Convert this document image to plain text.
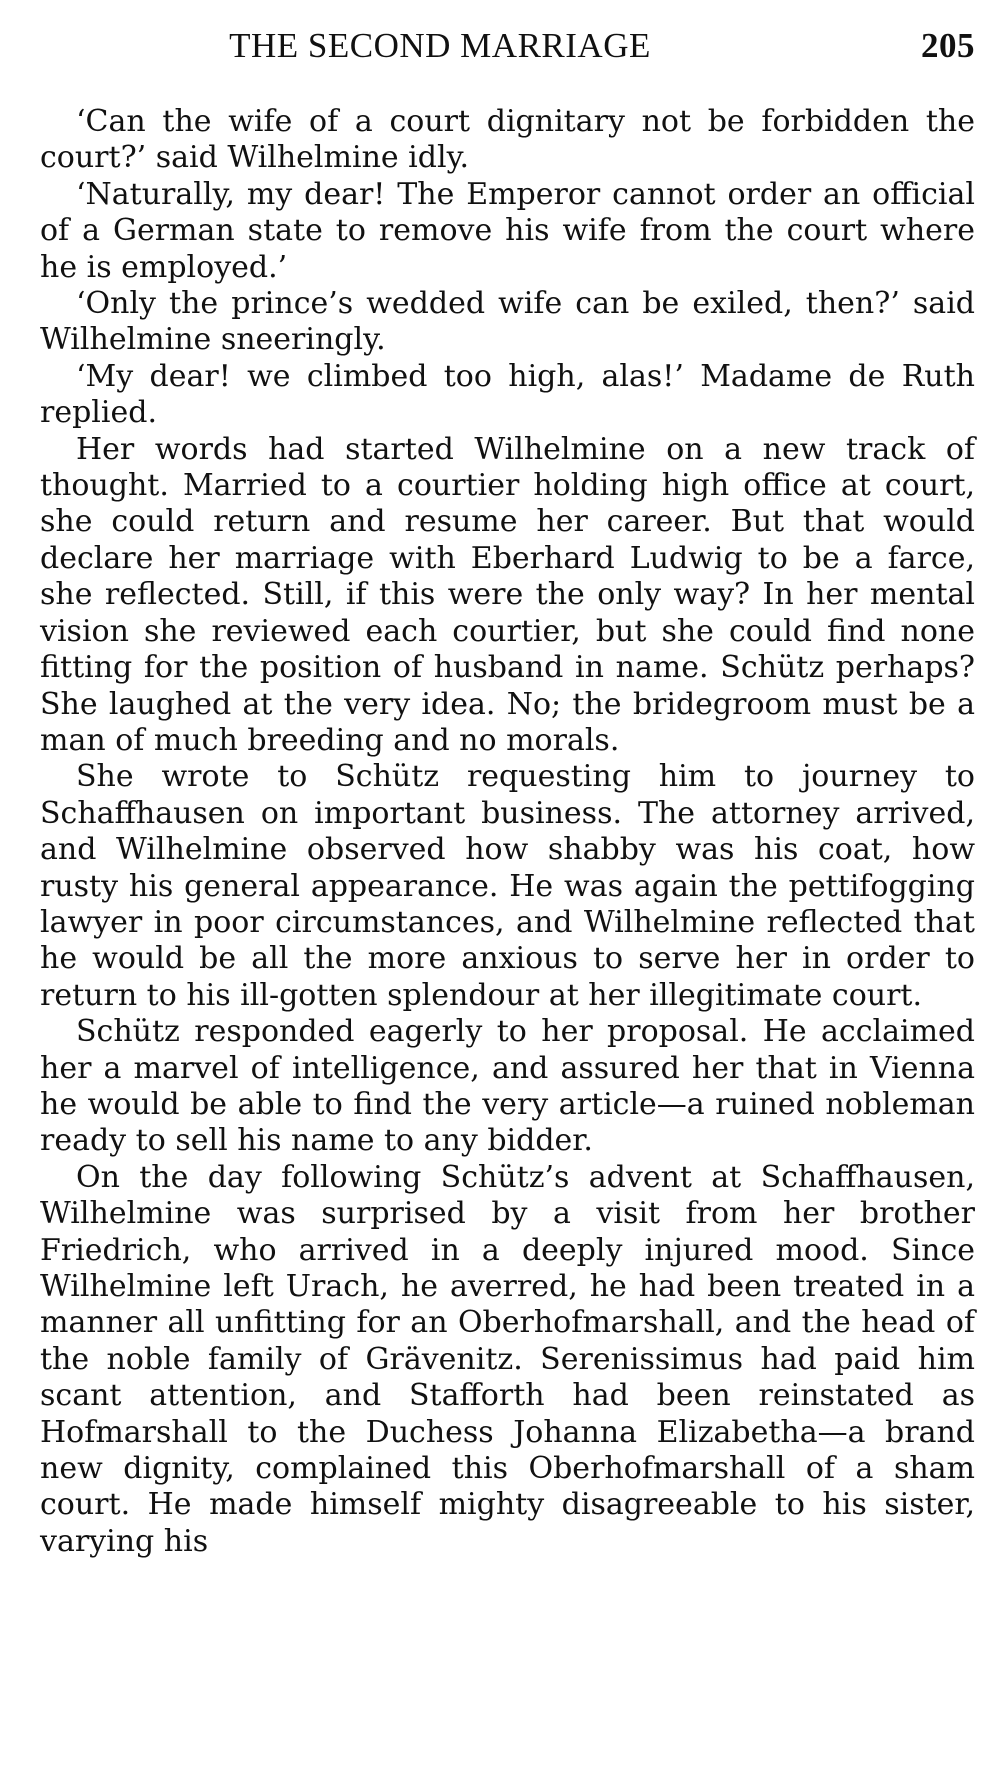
THE SECOND MARRIAGE	205

‘Can the wife of a court dignitary not be forbidden the court?’ said Wilhelmine idly.

‘Naturally, my dear! The Emperor cannot order an official of a German state to remove his wife from the court where he is employed.’

‘Only the prince’s wedded wife can be exiled, then?’ said Wilhelmine sneeringly.

‘My dear! we climbed too high, alas!’ Madame de Ruth replied.

Her words had started Wilhelmine on a new track of thought. Married to a courtier holding high office at court, she could return and resume her career. But that would declare her marriage with Eberhard Ludwig to be a farce, she reflected. Still, if this were the only way? In her mental vision she reviewed each courtier, but she could find none fitting for the position of husband in name. Schütz perhaps? She laughed at the very idea. No; the bridegroom must be a man of much breeding and no morals.

She wrote to Schütz requesting him to journey to Schaffhausen on important business. The attorney arrived, and Wilhelmine observed how shabby was his coat, how rusty his general appearance. He was again the pettifogging lawyer in poor circumstances, and Wilhelmine reflected that he would be all the more anxious to serve her in order to return to his ill-gotten splendour at her illegitimate court.

Schütz responded eagerly to her proposal. He acclaimed her a marvel of intelligence, and assured her that in Vienna he would be able to find the very article—a ruined nobleman ready to sell his name to any bidder.

On the day following Schütz’s advent at Schaffhausen, Wilhelmine was surprised by a visit from her brother Friedrich, who arrived in a deeply injured mood. Since Wilhelmine left Urach, he averred, he had been treated in a manner all unfitting for an Oberhofmarshall, and the head of the noble family of Grävenitz. Serenissimus had paid him scant attention, and Stafforth had been reinstated as Hofmarshall to the Duchess Johanna Elizabetha—a brand new dignity, complained this Oberhofmarshall of a sham court. He made himself mighty disagreeable to his sister, varying his
